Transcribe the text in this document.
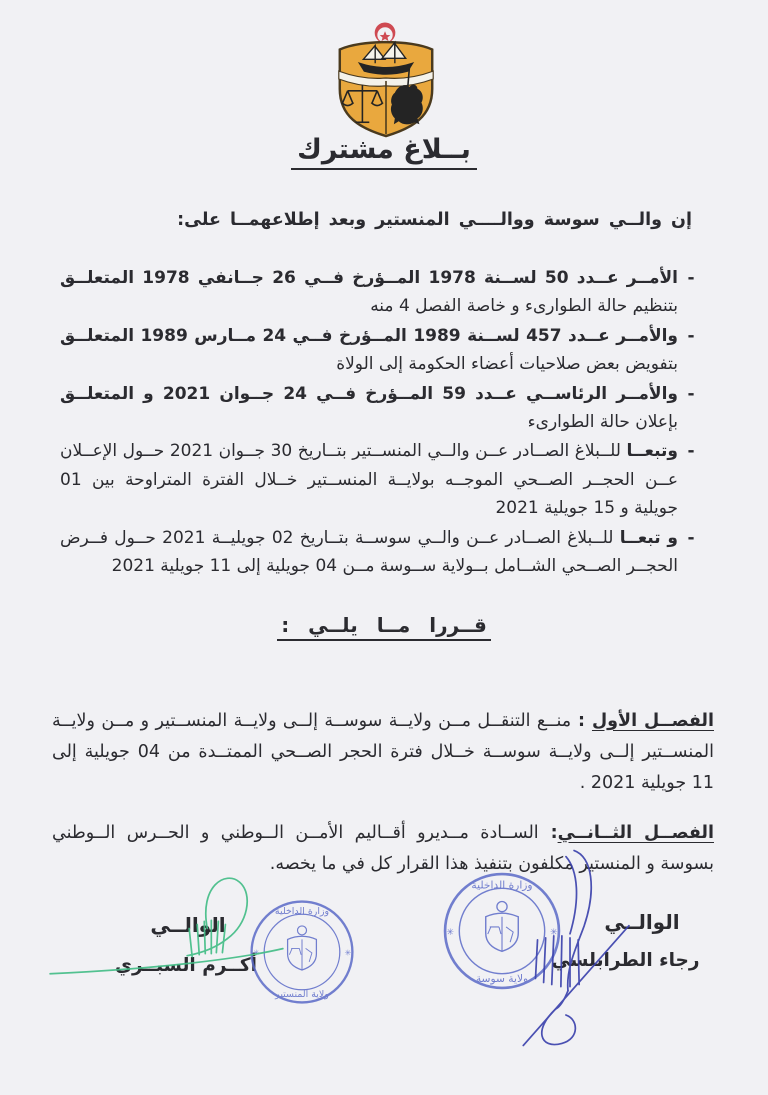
بــلاغ مشترك
إن والــي سوسة ووالــــي المنستير وبعد إطلاعهمــا على:
-
الأمــر عــدد 50 لســنة 1978 المــؤرخ فــي 26 جــانفي 1978 المتعلــق بتنظيم حالة الطوارىء و خاصة الفصل 4 منه
-
والأمــر عــدد 457 لســنة 1989 المــؤرخ فــي 24 مــارس 1989 المتعلــق بتفويض بعض صلاحيات أعضاء الحكومة إلى الولاة
-
والأمــر الرئاســي عــدد 59 المــؤرخ فــي 24 جــوان 2021 و المتعلــق بإعلان حالة الطوارىء
-
وتبعــا للــبلاغ الصــادر عــن والــي المنســتير بتــاريخ 30 جــوان 2021 حــول الإعــلان عــن الحجــر الصــحي الموجــه بولايــة المنســتير خــلال الفترة المتراوحة بين 01 جويلية و 15 جويلية 2021
-
و تبعــا للــبلاغ الصــادر عــن والــي سوســة بتــاريخ 02 جويليــة 2021 حــول فــرض الحجــر الصــحي الشــامل بــولاية ســوسة مــن 04 جويلية إلى 11 جويلية 2021
قــررا مــا يلــي :

الفصــل الأول : منــع التنقــل مــن ولايــة سوســة إلــى ولايــة المنســتير و مــن ولايــة المنســتير إلــى ولايــة سوســة خــلال فترة الحجر الصــحي الممتــدة من 04 جويلية إلى 11 جويلية 2021 .

الفصــل الثــانــي: الســادة مــديرو أقــاليم الأمــن الــوطني و الحــرس الــوطني بسوسة و المنستير مكلفون بتنفيذ هذا القرار كل في ما يخصه.

الوالــي
رجاء الطرابلسي
وزارة الداخلية
ولاية سوسة
✳	✳
الوالــي
أكــرم السبــري
وزارة الداخلية
ولاية المنستير
✳	✳
